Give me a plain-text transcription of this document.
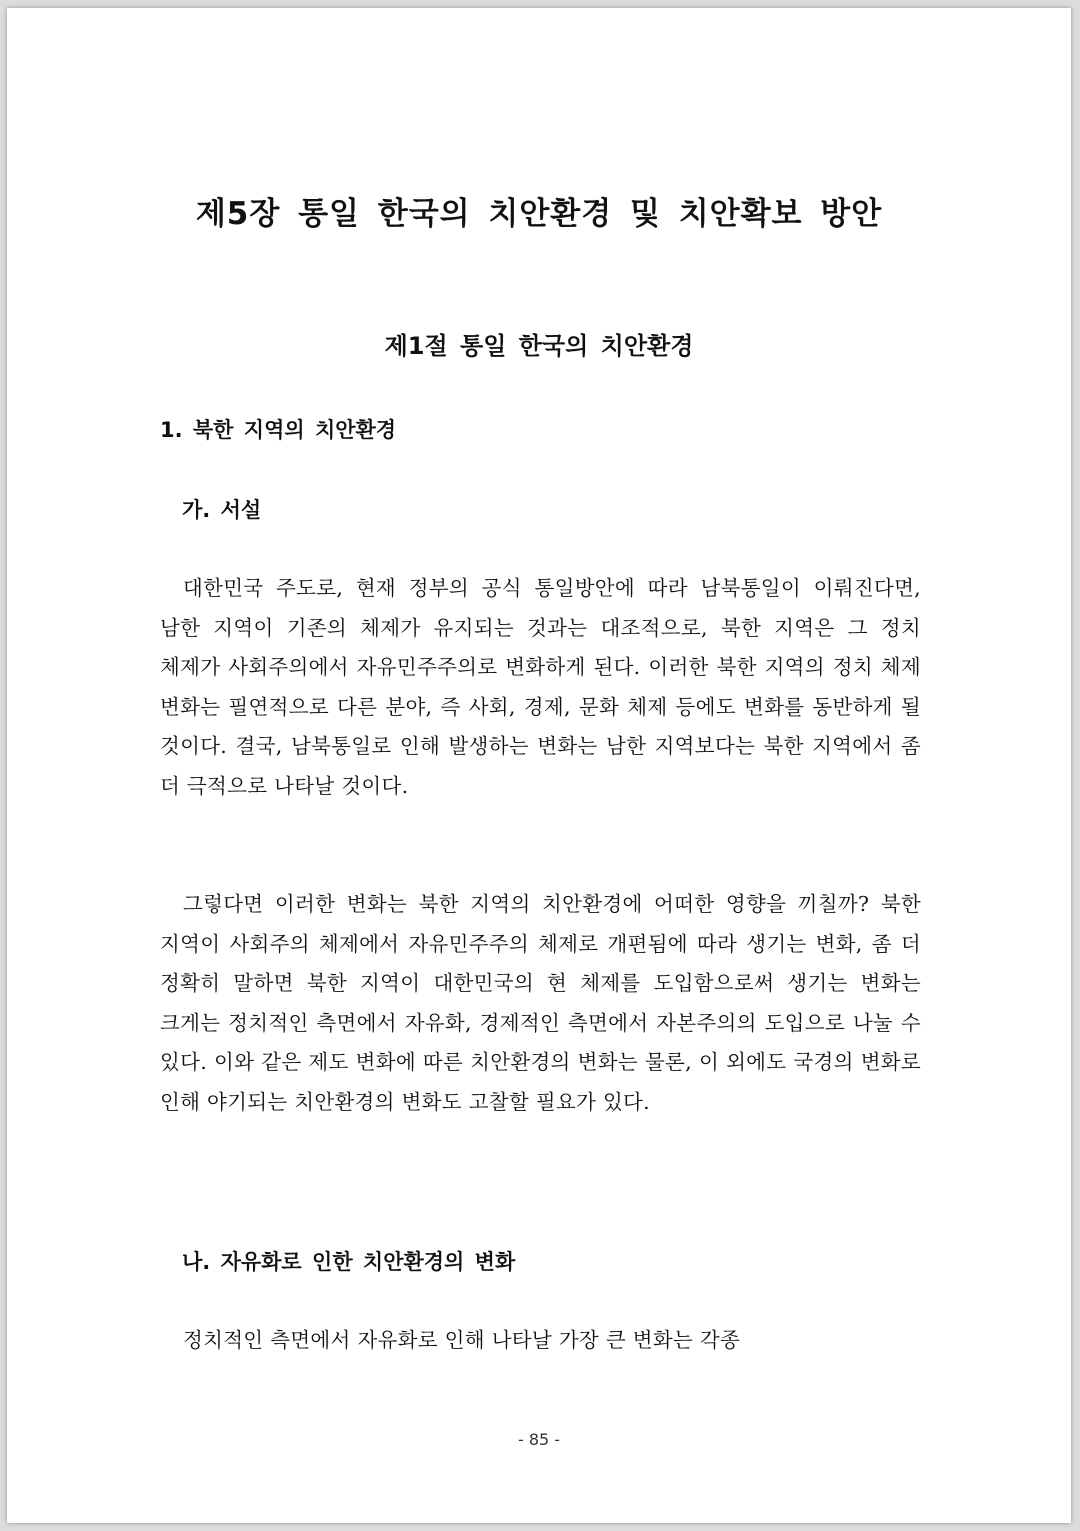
제5장 통일 한국의 치안환경 및 치안확보 방안
제1절 통일 한국의 치안환경
1. 북한 지역의 치안환경
가. 서설

대한민국 주도로, 현재 정부의 공식 통일방안에 따라 남북통일이 이뤄진다면, 남한 지역이 기존의 체제가 유지되는 것과는 대조적으로, 북한 지역은 그 정치 체제가 사회주의에서 자유민주주의로 변화하게 된다. 이러한 북한 지역의 정치 체제 변화는 필연적으로 다른 분야, 즉 사회, 경제, 문화 체제 등에도 변화를 동반하게 될 것이다. 결국, 남북통일로 인해 발생하는 변화는 남한 지역보다는 북한 지역에서 좀 더 극적으로 나타날 것이다.

그렇다면 이러한 변화는 북한 지역의 치안환경에 어떠한 영향을 끼칠까? 북한 지역이 사회주의 체제에서 자유민주주의 체제로 개편됨에 따라 생기는 변화, 좀 더 정확히 말하면 북한 지역이 대한민국의 현 체제를 도입함으로써 생기는 변화는 크게는 정치적인 측면에서 자유화, 경제적인 측면에서 자본주의의 도입으로 나눌 수 있다. 이와 같은 제도 변화에 따른 치안환경의 변화는 물론, 이 외에도 국경의 변화로 인해 야기되는 치안환경의 변화도 고찰할 필요가 있다.

나. 자유화로 인한 치안환경의 변화

정치적인 측면에서 자유화로 인해 나타날 가장 큰 변화는 각종

- 85 -
